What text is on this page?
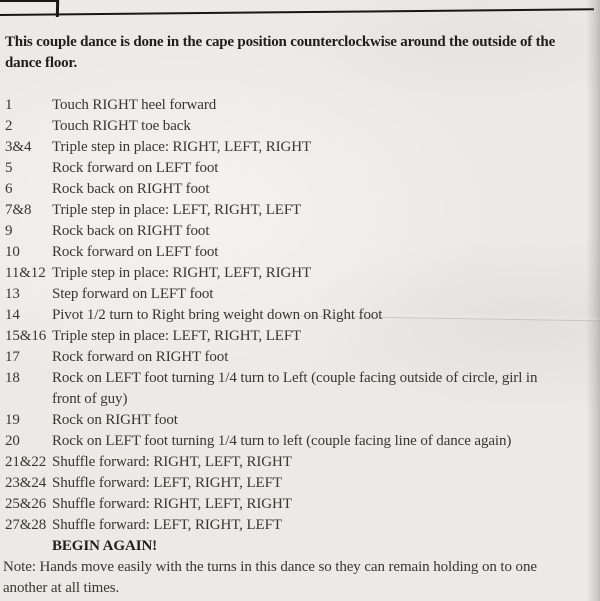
This couple dance is done in the cape position counterclockwise around the outside of the
dance floor.
1	Touch RIGHT heel forward
2	Touch RIGHT toe back
3&4	Triple step in place: RIGHT, LEFT, RIGHT
5	Rock forward on LEFT foot
6	Rock back on RIGHT foot
7&8	Triple step in place: LEFT, RIGHT, LEFT
9	Rock back on RIGHT foot
10	Rock forward on LEFT foot
11&12 Triple step in place: RIGHT, LEFT, RIGHT
13	Step forward on LEFT foot
14	Pivot 1/2 turn to Right bring weight down on Right foot
15&16 Triple step in place: LEFT, RIGHT, LEFT
17	Rock forward on RIGHT foot
18	Rock on LEFT foot turning 1/4 turn to Left (couple facing outside of circle, girl in
front of guy)
19	Rock on RIGHT foot
20	Rock on LEFT foot turning 1/4 turn to left (couple facing line of dance again)
21&22 Shuffle forward: RIGHT, LEFT, RIGHT
23&24 Shuffle forward: LEFT, RIGHT, LEFT
25&26 Shuffle forward: RIGHT, LEFT, RIGHT
27&28 Shuffle forward: LEFT, RIGHT, LEFT
BEGIN AGAIN!
Note: Hands move easily with the turns in this dance so they can remain holding on to one
another at all times.
